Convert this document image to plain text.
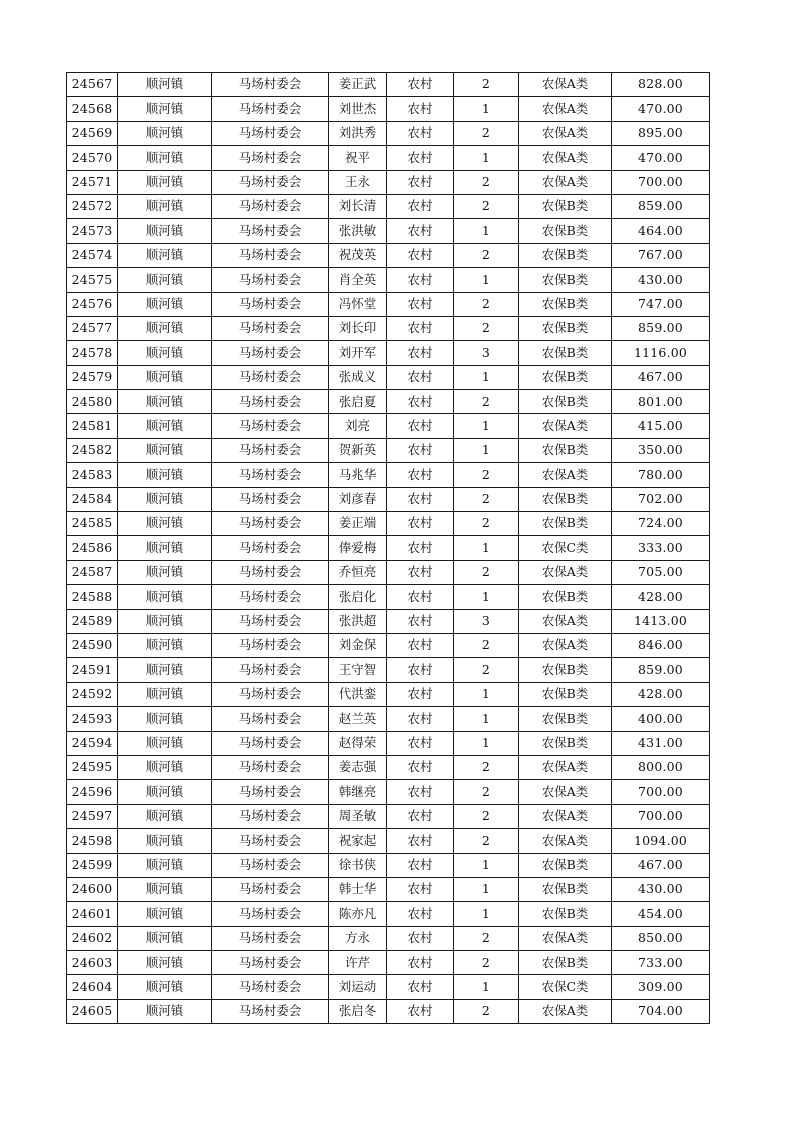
24567	顺河镇	马场村委会	姜正武	农村	2	农保A类	828.00
24568	顺河镇	马场村委会	刘世杰	农村	1	农保A类	470.00
24569	顺河镇	马场村委会	刘洪秀	农村	2	农保A类	895.00
24570	顺河镇	马场村委会	祝平	农村	1	农保A类	470.00
24571	顺河镇	马场村委会	王永	农村	2	农保A类	700.00
24572	顺河镇	马场村委会	刘长清	农村	2	农保B类	859.00
24573	顺河镇	马场村委会	张洪敏	农村	1	农保B类	464.00
24574	顺河镇	马场村委会	祝茂英	农村	2	农保B类	767.00
24575	顺河镇	马场村委会	肖全英	农村	1	农保B类	430.00
24576	顺河镇	马场村委会	冯怀堂	农村	2	农保B类	747.00
24577	顺河镇	马场村委会	刘长印	农村	2	农保B类	859.00
24578	顺河镇	马场村委会	刘开军	农村	3	农保B类	1116.00
24579	顺河镇	马场村委会	张成义	农村	1	农保B类	467.00
24580	顺河镇	马场村委会	张启夏	农村	2	农保B类	801.00
24581	顺河镇	马场村委会	刘亮	农村	1	农保A类	415.00
24582	顺河镇	马场村委会	贺新英	农村	1	农保B类	350.00
24583	顺河镇	马场村委会	马兆华	农村	2	农保A类	780.00
24584	顺河镇	马场村委会	刘彦春	农村	2	农保B类	702.00
24585	顺河镇	马场村委会	姜正端	农村	2	农保B类	724.00
24586	顺河镇	马场村委会	俸爱梅	农村	1	农保C类	333.00
24587	顺河镇	马场村委会	乔恒亮	农村	2	农保A类	705.00
24588	顺河镇	马场村委会	张启化	农村	1	农保B类	428.00
24589	顺河镇	马场村委会	张洪超	农村	3	农保A类	1413.00
24590	顺河镇	马场村委会	刘金保	农村	2	农保A类	846.00
24591	顺河镇	马场村委会	王守智	农村	2	农保B类	859.00
24592	顺河镇	马场村委会	代洪銮	农村	1	农保B类	428.00
24593	顺河镇	马场村委会	赵兰英	农村	1	农保B类	400.00
24594	顺河镇	马场村委会	赵得荣	农村	1	农保B类	431.00
24595	顺河镇	马场村委会	姜志强	农村	2	农保A类	800.00
24596	顺河镇	马场村委会	韩继亮	农村	2	农保A类	700.00
24597	顺河镇	马场村委会	周圣敏	农村	2	农保A类	700.00
24598	顺河镇	马场村委会	祝家起	农村	2	农保A类	1094.00
24599	顺河镇	马场村委会	徐书侠	农村	1	农保B类	467.00
24600	顺河镇	马场村委会	韩士华	农村	1	农保B类	430.00
24601	顺河镇	马场村委会	陈亦凡	农村	1	农保B类	454.00
24602	顺河镇	马场村委会	方永	农村	2	农保A类	850.00
24603	顺河镇	马场村委会	许芹	农村	2	农保B类	733.00
24604	顺河镇	马场村委会	刘运动	农村	1	农保C类	309.00
24605	顺河镇	马场村委会	张启冬	农村	2	农保A类	704.00
